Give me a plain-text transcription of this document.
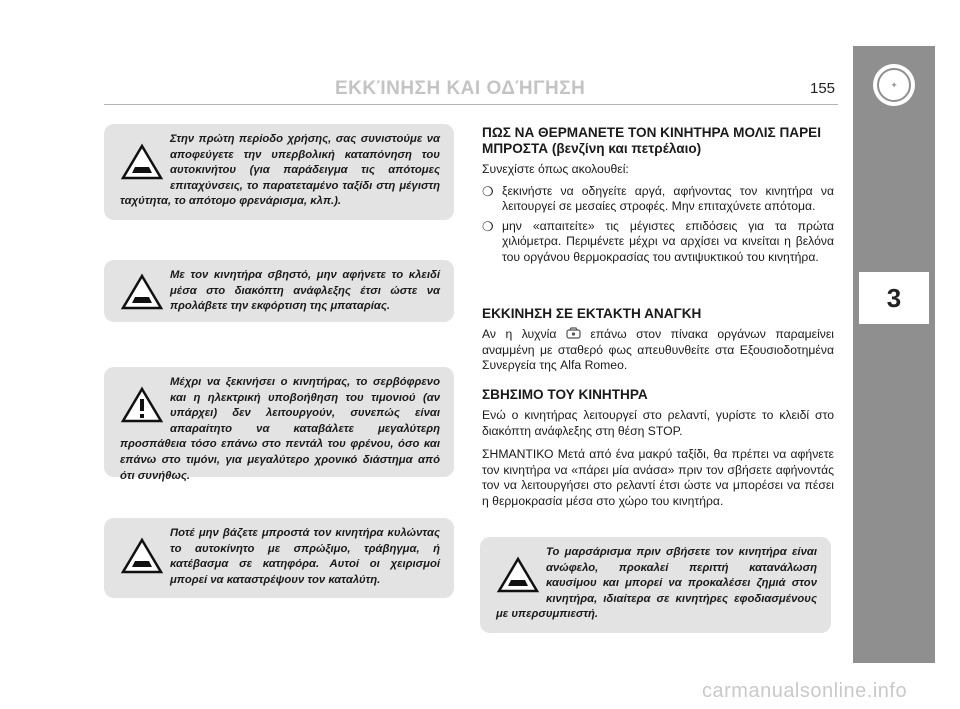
ΕΚΚΊΝΗΣΗ ΚΑΙ ΟΔΉΓΗΣΗ	155	✚
3

Στην πρώτη περίοδο χρήσης, σας συνιστούμε να αποφεύγετε την υπερβολική καταπόνηση του αυτοκινήτου (για παράδειγμα τις απότομες επιταχύνσεις, το παρατεταμένο ταξίδι στη μέγιστη ταχύτητα, το απότομο φρενάρισμα, κλπ.).

Με τον κινητήρα σβηστό, μην αφήνετε το κλειδί μέσα στο διακόπτη ανάφλεξης έτσι ώστε να προλάβετε την εκφόρτιση της μπαταρίας.

Μέχρι να ξεκινήσει ο κινητήρας, το σερβόφρενο και η ηλεκτρική υποβοήθηση του τιμονιού (αν υπάρχει) δεν λειτουργούν, συνεπώς είναι απαραίτητο να καταβάλετε μεγαλύτερη προσπάθεια τόσο επάνω στο πεντάλ του φρένου, όσο και επάνω στο τιμόνι, για μεγαλύτερο χρονικό διάστημα από ότι συνήθως.

Ποτέ μην βάζετε μπροστά τον κινητήρα κυλώντας το αυτοκίνητο με σπρώξιμο, τράβηγμα, ή κατέβασμα σε κατηφόρα. Αυτοί οι χειρισμοί μπορεί να καταστρέψουν τον καταλύτη.

ΠΩΣ ΝΑ ΘΕΡΜΑΝΕΤΕ ΤΟΝ ΚΙΝΗΤΗΡΑ ΜΟΛΙΣ ΠΑΡΕΙ ΜΠΡΟΣΤΑ (βενζίνη και πετρέλαιο)

Συνεχίστε όπως ακολουθεί:

❍ ξεκινήστε να οδηγείτε αργά, αφήνοντας τον κινητήρα να λειτουργεί σε μεσαίες στροφές. Μην επιταχύνετε απότομα.
❍ μην «απαιτείτε» τις μέγιστες επιδόσεις για τα πρώτα χιλιόμετρα. Περιμένετε μέχρι να αρχίσει να κινείται η βελόνα του οργάνου θερμοκρασίας του αντιψυκτικού του κινητήρα.
ΕΚΚΙΝΗΣΗ ΣΕ ΕΚΤΑΚΤΗ ΑΝΑΓΚΗ

Αν η λυχνία	επάνω στον πίνακα οργάνων παραμείνει αναμμένη με σταθερό φως απευθυνθείτε στα Εξουσιοδοτημένα Συνεργεία της Alfa Romeo.

ΣΒΗΣΙΜΟ ΤΟΥ ΚΙΝΗΤΗΡΑ

Ενώ ο κινητήρας λειτουργεί στο ρελαντί, γυρίστε το κλειδί στο διακόπτη ανάφλεξης στη θέση STOP.

ΣΗΜΑΝΤΙΚΟ Μετά από ένα μακρύ ταξίδι, θα πρέπει να αφήνετε τον κινητήρα να «πάρει μία ανάσα» πριν τον σβήσετε αφήνοντάς τον να λειτουργήσει στο ρελαντί έτσι ώστε να μπορέσει να πέσει η θερμοκρασία μέσα στο χώρο του κινητήρα.

Το μαρσάρισμα πριν σβήσετε τον κινητήρα είναι ανώφελο, προκαλεί περιττή κατανάλωση καυσίμου και μπορεί να προκαλέσει ζημιά στον κινητήρα, ιδιαίτερα σε κινητήρες εφοδιασμένους με υπερσυμπιεστή.

carmanualsonline.info
